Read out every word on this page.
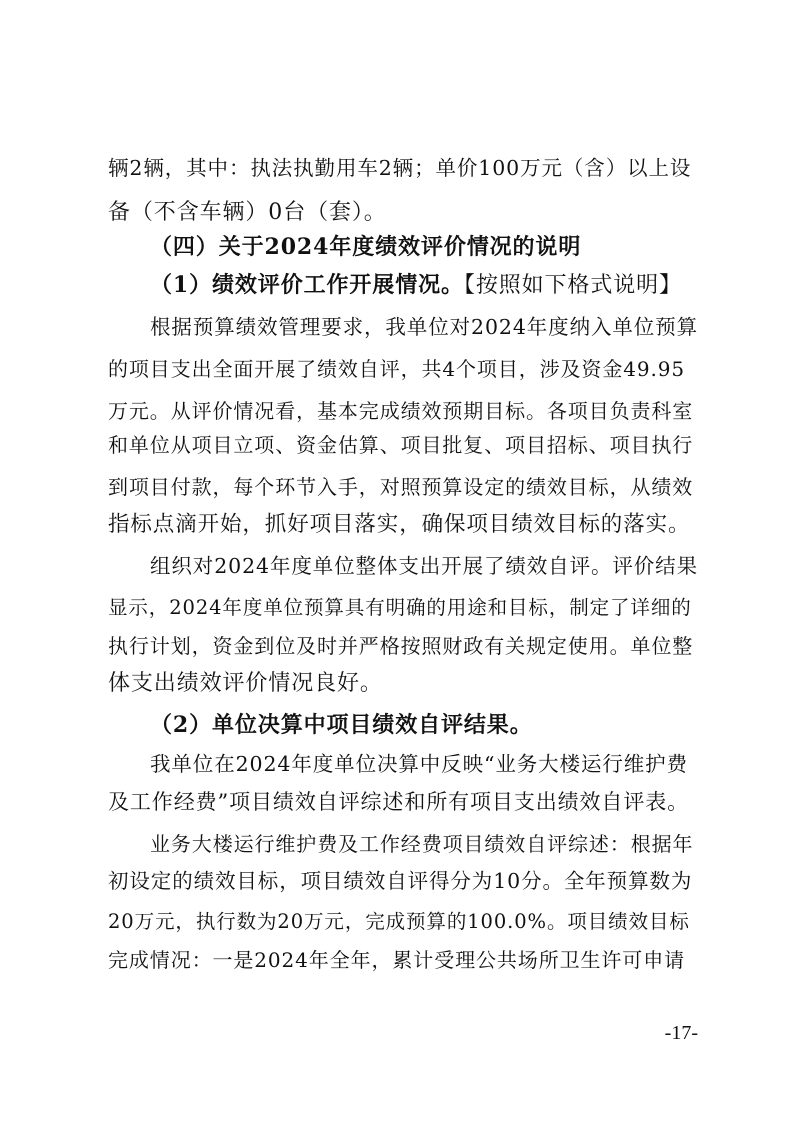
辆2辆，其中：执法执勤用车2辆；单价100万元（含）以上设
备（不含车辆）0台（套）。
（四）关于2024年度绩效评价情况的说明
（1）绩效评价工作开展情况。【按照如下格式说明】
根据预算绩效管理要求，我单位对2024年度纳入单位预算
的项目支出全面开展了绩效自评，共4个项目，涉及资金49.95
万元。从评价情况看，基本完成绩效预期目标。各项目负责科室
和单位从项目立项、资金估算、项目批复、项目招标、项目执行
到项目付款，每个环节入手，对照预算设定的绩效目标，从绩效
指标点滴开始，抓好项目落实，确保项目绩效目标的落实。
组织对2024年度单位整体支出开展了绩效自评。评价结果
显示，2024年度单位预算具有明确的用途和目标，制定了详细的
执行计划，资金到位及时并严格按照财政有关规定使用。单位整
体支出绩效评价情况良好。
（2）单位决算中项目绩效自评结果。
我单位在2024年度单位决算中反映“业务大楼运行维护费
及工作经费”项目绩效自评综述和所有项目支出绩效自评表。
业务大楼运行维护费及工作经费项目绩效自评综述：根据年
初设定的绩效目标，项目绩效自评得分为10分。全年预算数为
20万元，执行数为20万元，完成预算的100.0%。项目绩效目标
完成情况：一是2024年全年，累计受理公共场所卫生许可申请
-17-
